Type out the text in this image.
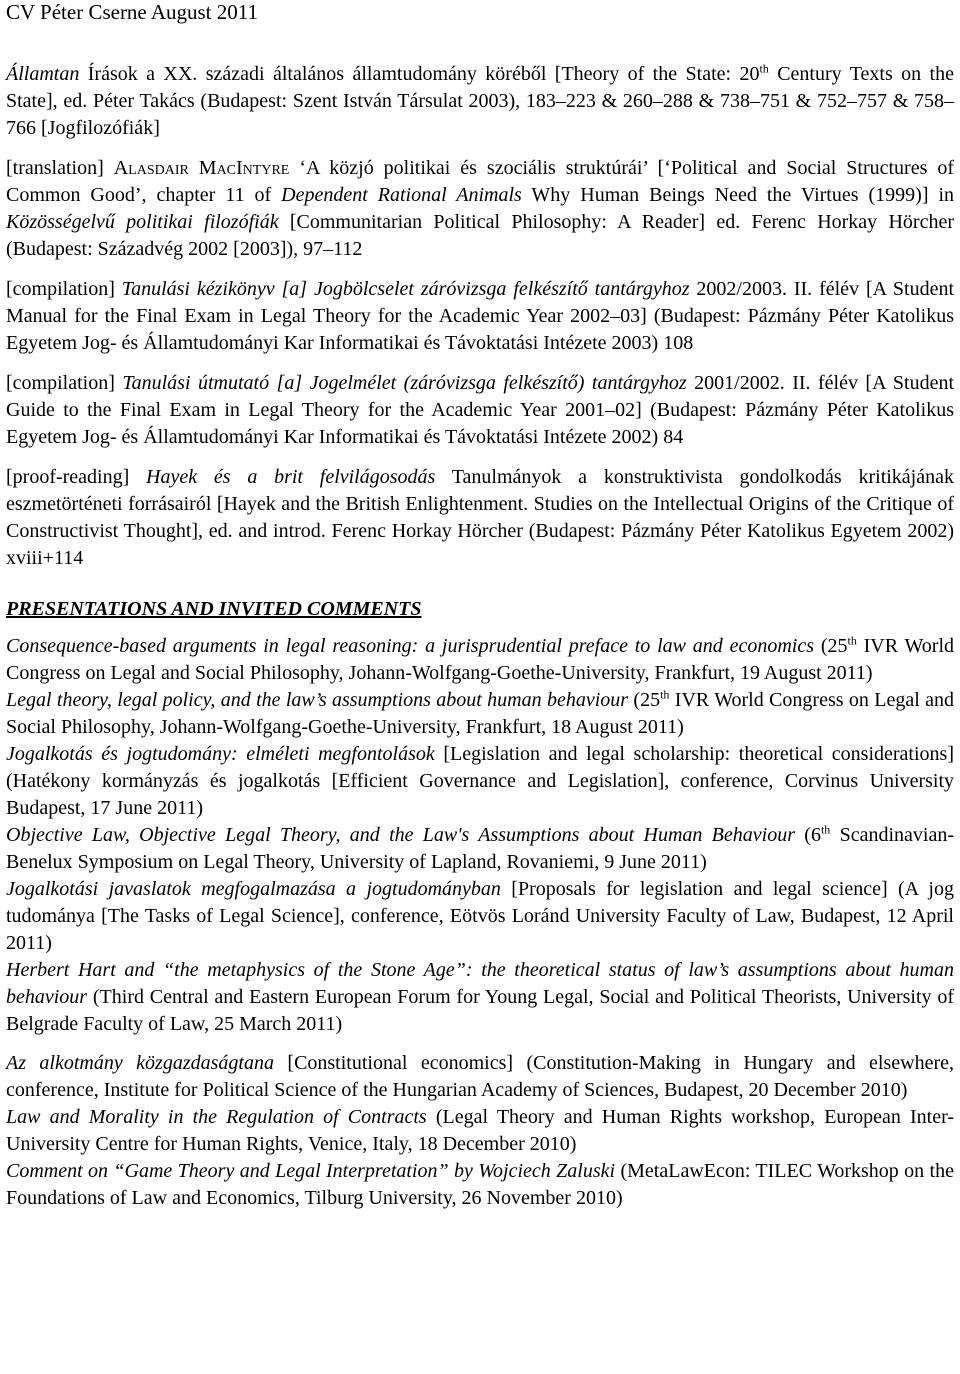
CV Péter Cserne August 2011

Államtan Írások a XX. századi általános államtudomány köréből [Theory of the State: 20th Century Texts on the State], ed. Péter Takács (Budapest: Szent István Társulat 2003), 183–223 & 260–288 & 738–751 & 752–757 & 758–766 [Jogfilozófiák]

[translation] Alasdair MacIntyre ‘A közjó politikai és szociális struktúrái’ [‘Political and Social Structures of Common Good’, chapter 11 of Dependent Rational Animals Why Human Beings Need the Virtues (1999)] in Közösségelvű politikai filozófiák [Communitarian Political Philosophy: A Reader] ed. Ferenc Horkay Hörcher (Budapest: Századvég 2002 [2003]), 97–112

[compilation] Tanulási kézikönyv [a] Jogbölcselet záróvizsga felkészítő tantárgyhoz 2002/2003. II. félév [A Student Manual for the Final Exam in Legal Theory for the Academic Year 2002–03] (Budapest: Pázmány Péter Katolikus Egyetem Jog- és Államtudományi Kar Informatikai és Távoktatási Intézete 2003) 108

[compilation] Tanulási útmutató [a] Jogelmélet (záróvizsga felkészítő) tantárgyhoz 2001/2002. II. félév [A Student Guide to the Final Exam in Legal Theory for the Academic Year 2001–02] (Budapest: Pázmány Péter Katolikus Egyetem Jog- és Államtudományi Kar Informatikai és Távoktatási Intézete 2002) 84

[proof-reading] Hayek és a brit felvilágosodás Tanulmányok a konstruktivista gondolkodás kritikájának eszmetörténeti forrásairól [Hayek and the British Enlightenment. Studies on the Intellectual Origins of the Critique of Constructivist Thought], ed. and introd. Ferenc Horkay Hörcher (Budapest: Pázmány Péter Katolikus Egyetem 2002) xviii+114

PRESENTATIONS AND INVITED COMMENTS

Consequence-based arguments in legal reasoning: a jurisprudential preface to law and economics (25th IVR World Congress on Legal and Social Philosophy, Johann-Wolfgang-Goethe-University, Frankfurt, 19 August 2011)

Legal theory, legal policy, and the law’s assumptions about human behaviour (25th IVR World Congress on Legal and Social Philosophy, Johann-Wolfgang-Goethe-University, Frankfurt, 18 August 2011)

Jogalkotás és jogtudomány: elméleti megfontolások [Legislation and legal scholarship: theoretical considerations] (Hatékony kormányzás és jogalkotás [Efficient Governance and Legislation], conference, Corvinus University Budapest, 17 June 2011)

Objective Law, Objective Legal Theory, and the Law's Assumptions about Human Behaviour (6th Scandinavian-Benelux Symposium on Legal Theory, University of Lapland, Rovaniemi, 9 June 2011)

Jogalkotási javaslatok megfogalmazása a jogtudományban [Proposals for legislation and legal science] (A jog tudománya [The Tasks of Legal Science], conference, Eötvös Loránd University Faculty of Law, Budapest, 12 April 2011)

Herbert Hart and “the metaphysics of the Stone Age”: the theoretical status of law’s assumptions about human behaviour (Third Central and Eastern European Forum for Young Legal, Social and Political Theorists, University of Belgrade Faculty of Law, 25 March 2011)

Az alkotmány közgazdaságtana [Constitutional economics] (Constitution-Making in Hungary and elsewhere, conference, Institute for Political Science of the Hungarian Academy of Sciences, Budapest, 20 December 2010)

Law and Morality in the Regulation of Contracts (Legal Theory and Human Rights workshop, European Inter-University Centre for Human Rights, Venice, Italy, 18 December 2010)

Comment on “Game Theory and Legal Interpretation” by Wojciech Zaluski (MetaLawEcon: TILEC Workshop on the Foundations of Law and Economics, Tilburg University, 26 November 2010)
